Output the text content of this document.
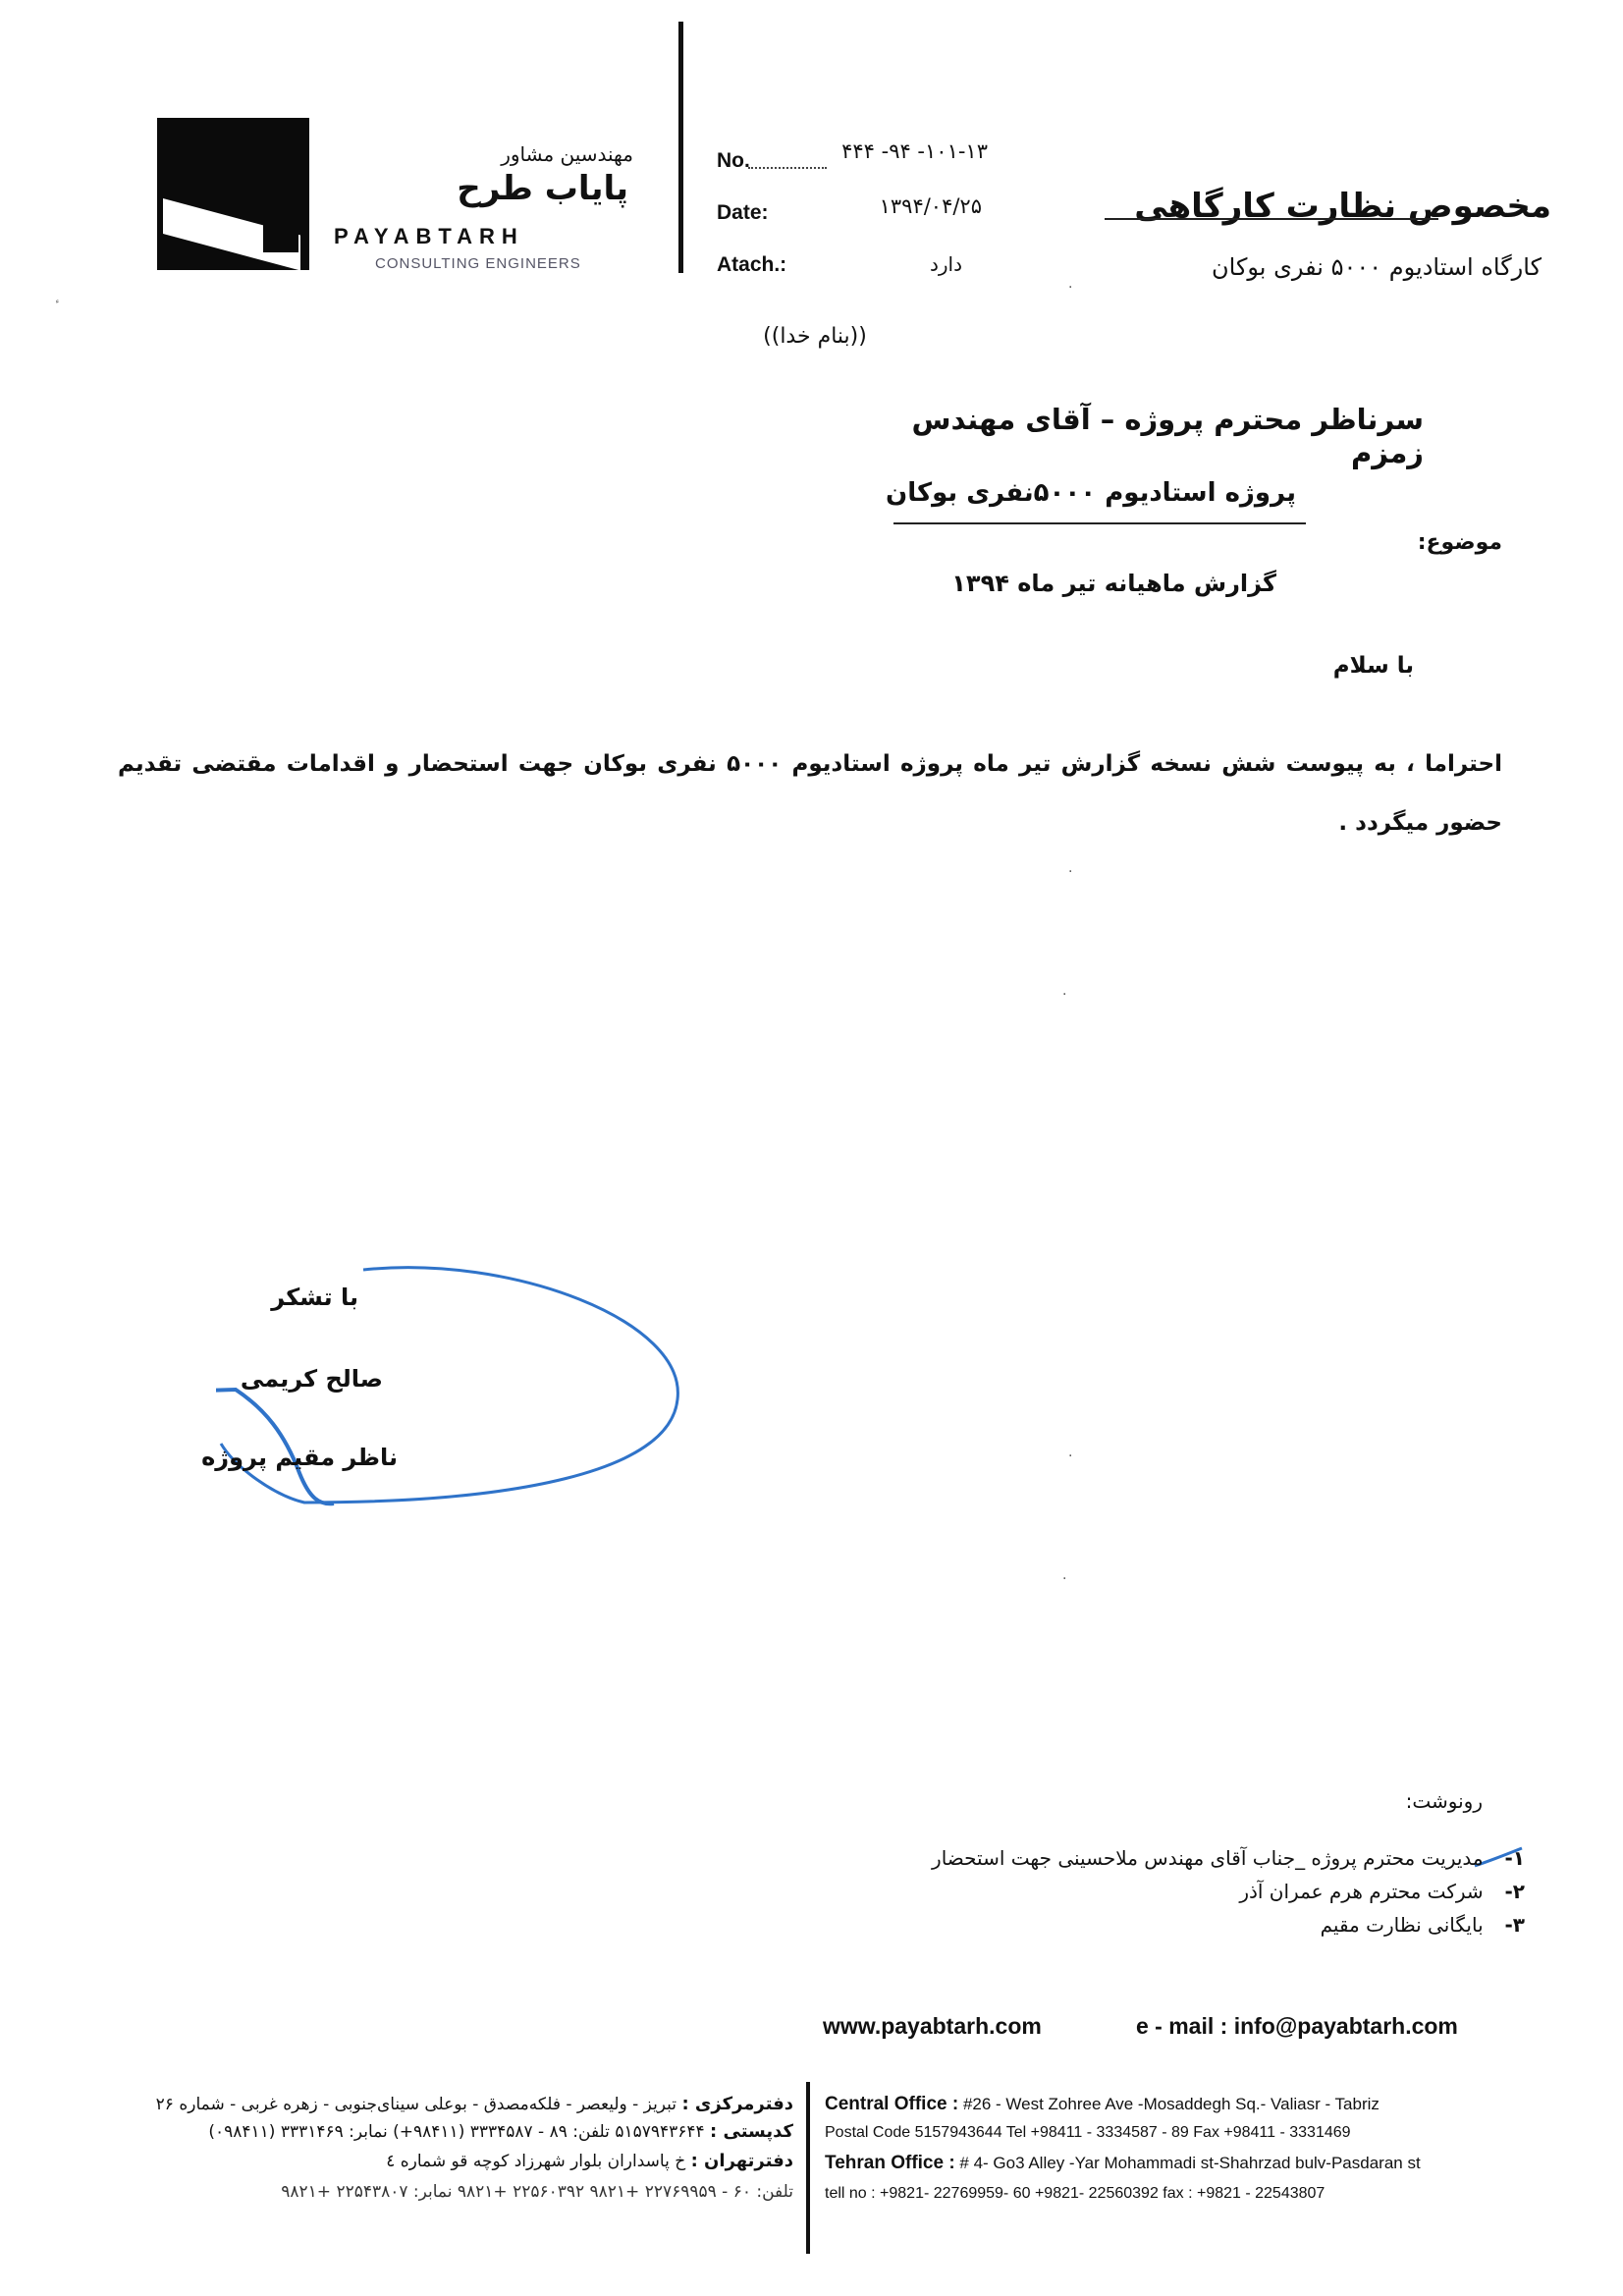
مهندسین مشاور
پایاب طرح
PAYABTARH
CONSULTING ENGINEERS
No.	۱۰۱-۱۳- ۹۴- ۴۴۴
Date:	۱۳۹۴/۰۴/۲۵
Atach.:	دارد
مخصوص نظارت کارگاهی
کارگاه استادیوم ۵۰۰۰ نفری بوکان
((بنام خدا))
سرناظر محترم پروژه – آقای مهندس زمزم
پروژه استادیوم ۵۰۰۰نفری بوکان
موضوع:
گزارش ماهیانه تیر ماه ۱۳۹۴
با سلام
احتراما ، به پیوست شش نسخه گزارش تیر ماه پروژه استادیوم ۵۰۰۰ نفری بوکان جهت استحضار و اقدامات مقتضی تقدیم حضور میگردد .
با تشکر
صالح کریمی
ناظر مقیم پروژه
رونوشت:
۱- مدیریت محترم پروژه _جناب آقای مهندس ملاحسینی جهت استحضار
۲- شرکت محترم هرم عمران آذر
۳- بایگانی نظارت مقیم
www.payabtarh.com	e - mail : info@payabtarh.com
Central Office : #26 - West Zohree Ave -Mosaddegh Sq.- Valiasr - Tabriz
Postal Code 5157943644 Tel +98411 - 3334587 - 89 Fax +98411 - 3331469
Tehran Office : # 4- Go3 Alley -Yar Mohammadi st-Shahrzad bulv-Pasdaran st
tell no : +9821- 22769959- 60 +9821- 22560392 fax : +9821 - 22543807
دفترمرکزی : تبریز - ولیعصر - فلکه‌مصدق - بوعلی سینای‌جنوبی - زهره غربی - شماره ۲۶
کدپستی : ۵۱۵۷۹۴۳۶۴۴ تلفن: ۸۹ - ۳۳۳۴۵۸۷ (۹۸۴۱۱+) نمابر: ۳۳۳۱۴۶۹ (۰۹۸۴۱۱)
دفترتهران : خ پاسداران بلوار شهرزاد کوچه قو شماره ٤
تلفن: ۶۰ - ۲۲۷۶۹۹۵۹ +۹۸۲۱ ۲۲۵۶۰۳۹۲ +۹۸۲۱ نمابر: ۲۲۵۴۳۸۰۷ +۹۸۲۱
·
·
·
·
·
